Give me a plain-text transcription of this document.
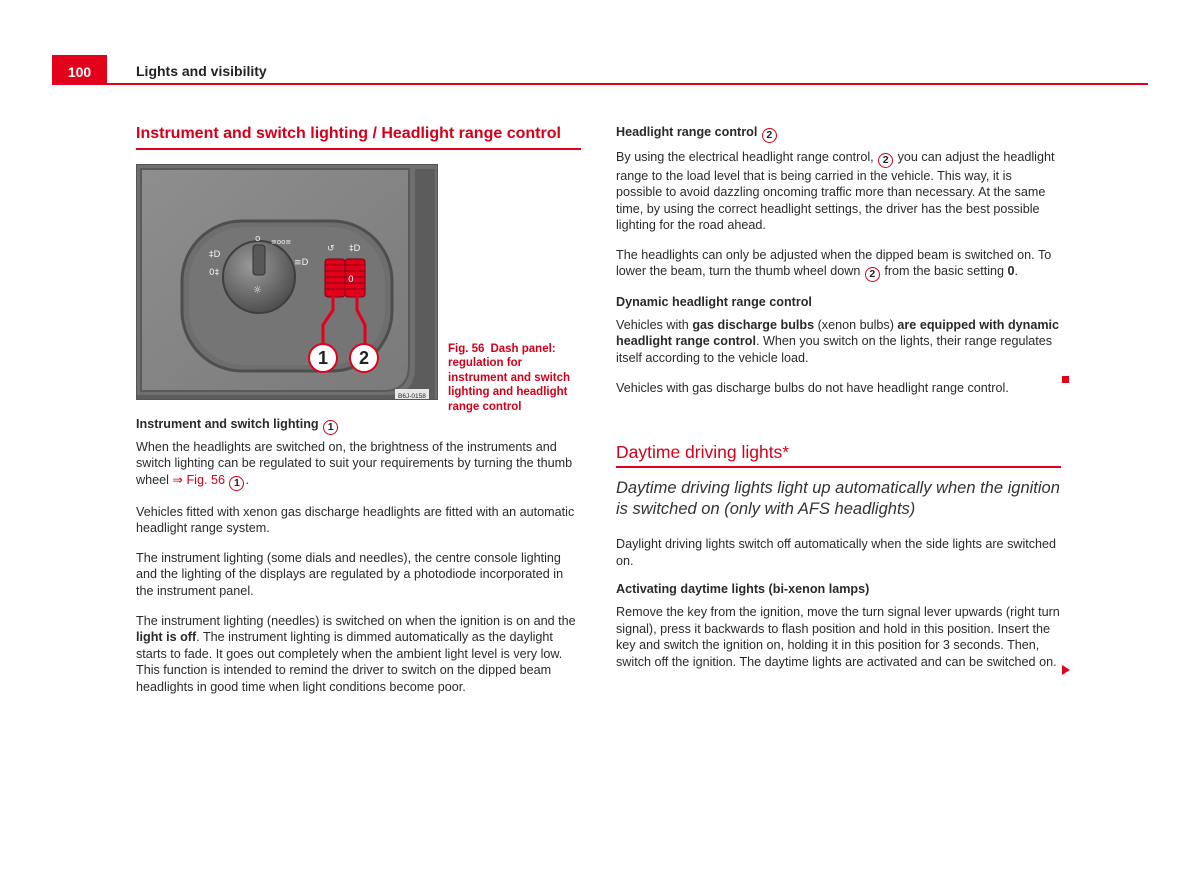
100	Lights and visibility
Instrument and switch lighting / Headlight range control
o ≡oo≡
≡D
‡D
0‡
☼
↺ ‡D
0
1	2
B6J-0158
Fig. 56 Dash panel: regulation for instrument and switch lighting and headlight range control
Instrument and switch lighting 1

When the headlights are switched on, the brightness of the instruments and switch lighting can be regulated to suit your requirements by turning the thumb wheel ⇒ Fig. 56 1 .

Vehicles fitted with xenon gas discharge headlights are fitted with an automatic headlight range system.

The instrument lighting (some dials and needles), the centre console lighting and the lighting of the displays are regulated by a photodiode incorporated in the instrument panel.

The instrument lighting (needles) is switched on when the ignition is on and the light is off. The instrument lighting is dimmed automatically as the daylight starts to fade. It goes out completely when the ambient light level is very low. This function is intended to remind the driver to switch on the dipped beam headlights in good time when light conditions become poor.

Headlight range control 2

By using the electrical headlight range control, 2 you can adjust the headlight range to the load level that is being carried in the vehicle. This way, it is possible to avoid dazzling oncoming traffic more than necessary. At the same time, by using the correct headlight settings, the driver has the best possible lighting for the road ahead.

The headlights can only be adjusted when the dipped beam is switched on. To lower the beam, turn the thumb wheel down 2 from the basic setting 0.

Dynamic headlight range control

Vehicles with gas discharge bulbs (xenon bulbs) are equipped with dynamic headlight range control. When you switch on the lights, their range regulates itself according to the vehicle load.

Vehicles with gas discharge bulbs do not have headlight range control.

Daytime driving lights*
Daytime driving lights light up automatically when the ignition is switched on (only with AFS headlights)

Daylight driving lights switch off automatically when the side lights are switched on.

Activating daytime lights (bi-xenon lamps)

Remove the key from the ignition, move the turn signal lever upwards (right turn signal), press it backwards to flash position and hold in this position. Insert the key and switch the ignition on, holding it in this position for 3 seconds. Then, switch off the ignition. The daytime lights are activated and can be switched on.
